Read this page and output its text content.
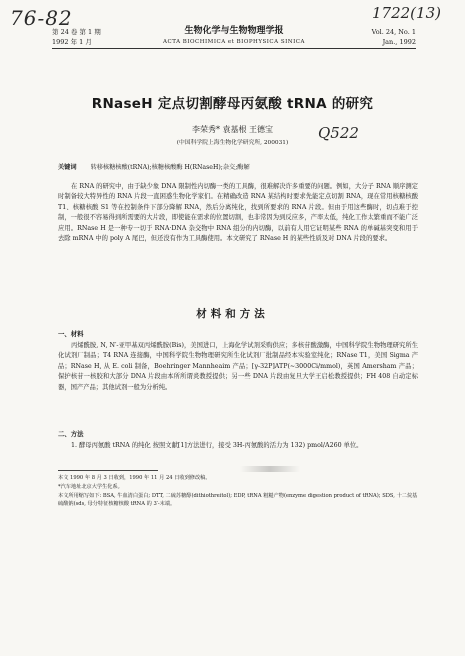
76-82	1722(13)
第 24 卷 第 1 期	生物化学与生物物理学报	Vol. 24, No. 1
1992 年 1 月	ACTA BIOCHIMICA et BIOPHYSICA SINICA	Jan., 1992
RNaseH 定点切割酵母丙氨酸 tRNA 的研究
李荣秀* 袁基根 王德宝	Q522
(中国科学院上海生物化学研究所, 200031)
关键词 转移核糖核酸(tRNA);核糖核酸酶 H(RNaseH);杂交;酶解

在 RNA 的研究中，由于缺少象 DNA 限制性内切酶一类的工具酶，很难解决许多重要的问题。例如，大分子 RNA 顺序测定时制备较大特异性的 RNA 片段一直困惑生物化学家们。在精确改造 RNA 某结构时要求先能定点切割 RNA，现在常用核糖核酸 T1、核糖核酸 S1 等在控制条件下部分降解 RNA，然后分离纯化，找到所要求的 RNA 片段。但由于用这些酶时，切点难于控制，一般很不容易得到所需要的大片段，即使能在需求的位置切割，也非常因为到反应多，产率太低，纯化工作太繁重而不能广泛应用。RNase H 是一种专一切于 RNA·DNA 杂交物中 RNA 组分的内切酶，以前有人用它证明某些 RNA 的单碱基突变和用于去除 mRNA 中的 poly A 尾巴，但还没有作为工具酶使用。本文研究了 RNase H 的某些性质及对 DNA 片段的要求。

材料和方法
一、材料

丙烯酰胺, N, N′-亚甲基双丙烯酰胺(Bis)，美国进口，上海化学试剂采购供应；多核苷酸激酶，中国科学院生物物理研究所生化试剂厂制品；T4 RNA 连接酶，中国科学院生物物理研究所生化试剂厂批制品经本实验室纯化；RNase T1，美国 Sigma 产品；RNase H, 从 E. coli 制备，Boehringer Mannheaim 产品；[γ-32P]ATP(~3000Ci/mmol)，英国 Amersham 产品；保护核苷一核胶和大部分 DNA 片段由本所所谓炎教授提供；另一些 DNA 片段由复旦大学王启松教授提供；FH 408 自动定标器，国产产品；其他试剂一般为分析纯。

二、方法

1. 酵母丙氨酸 tRNA 的纯化 按照文献[1]方法进行，接受 3H-丙氨酸的活力为 132) pmol/A260 单位。

本文 1990 年 8 月 3 日收到，1990 年 11 月 24 日收到修改稿。
*汽车地址北京大学生化系。
本文所用缩写如下: BSA, 牛血清白蛋白; DTT, 二硫苏糖醇(dithiothreitol); EDP, tRNA 粗糙产物(enzyme digestion product of tRNA); SDS, 十二烷基硫酸钠(sds, 母分特征核糖核酸 tRNA 的 3′-末端。
